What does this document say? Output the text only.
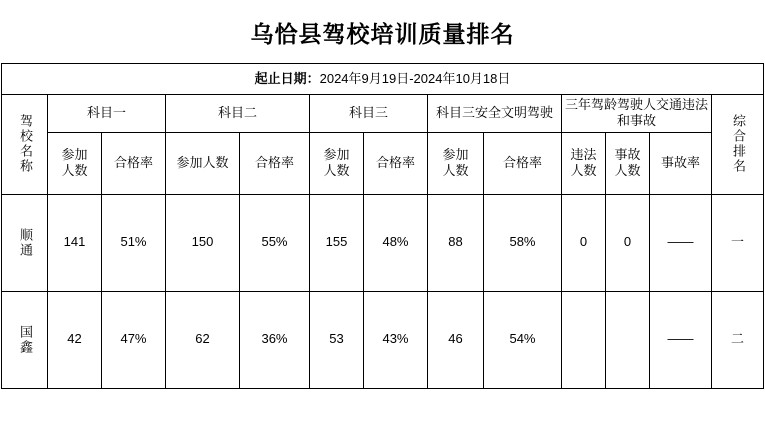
乌恰县驾校培训质量排名
起止日期：2024年9月19日-2024年10月18日												

驾校名称	科目一		科目二		科目三		科目三安全文明驾驶		三年驾龄驾驶人交通违法和事故			综合排名

	参加人数	合格率	参加人数	合格率	参加人数	合格率	参加人数	合格率	违法人数	事故人数	事故率	

顺通	141	51%	150	55%	155	48%	88	58%	0	0	——	一

国鑫	42	47%	62	36%	53	43%	46	54%			——	二
